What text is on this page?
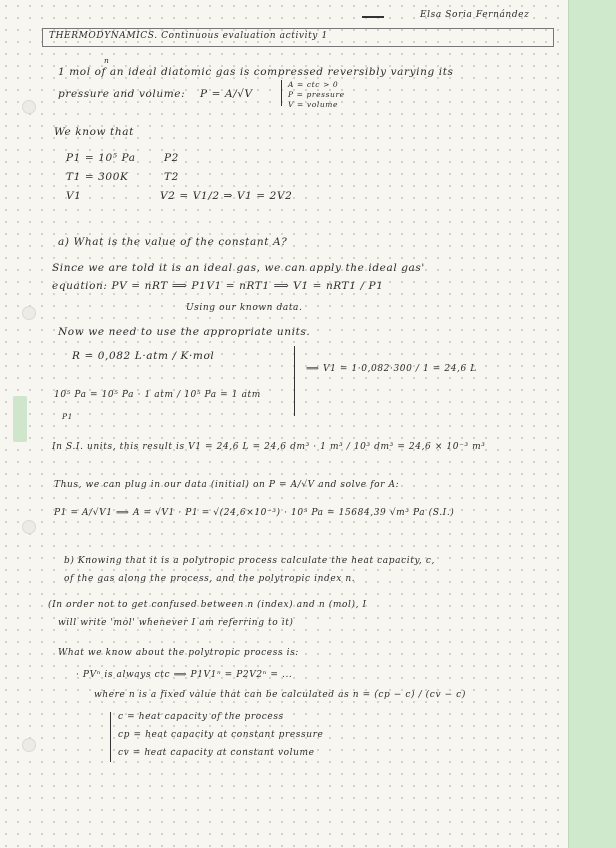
Elsa Soria Fernández
THERMODYNAMICS. Continuous evaluation activity 1
n
1 mol of an ideal diatomic gas is compressed reversibly varying its
pressure and volume: P = A/√V
A = ctc > 0
P = pressure
V = volume
We know that
P1 = 10⁵ Pa
T1 = 300K
V1
P2
T2
V2 = V1/2 ⇒ V1 = 2V2
a) What is the value of the constant A?
Since we are told it is an ideal gas, we can apply the ideal gas'
equation: PV = nRT ⟹ P1V1 = nRT1 ⟹ V1 = nRT1 / P1
Using our known data.
Now we need to use the appropriate units.
R = 0,082 L·atm / K·mol
10⁵ Pa = 10⁵ Pa · 1 atm / 10⁵ Pa = 1 atm
P1
⟹ V1 = 1·0,082·300 / 1 = 24,6 L
In S.I. units, this result is V1 = 24,6 L = 24,6 dm³ · 1 m³ / 10³ dm³ = 24,6 × 10⁻³ m³
Thus, we can plug in our data (initial) on P = A/√V and solve for A:
P1 = A/√V1 ⟹ A = √V1 · P1 = √(24,6×10⁻³) · 10⁵ Pa = 15684,39 √m³ Pa (S.I.)
b) Knowing that it is a polytropic process calculate the heat capacity, c,
of the gas along the process, and the polytropic index n.
(In order not to get confused between n (index) and n (mol), I
will write 'mol' whenever I am referring to it)
What we know about the polytropic process is:
· PVⁿ is always ctc ⟹ P1V1ⁿ = P2V2ⁿ = ...
where n is a fixed value that can be calculated as n = (cp − c) / (cv − c)
c = heat capacity of the process
cp = heat capacity at constant pressure
cv = heat capacity at constant volume
